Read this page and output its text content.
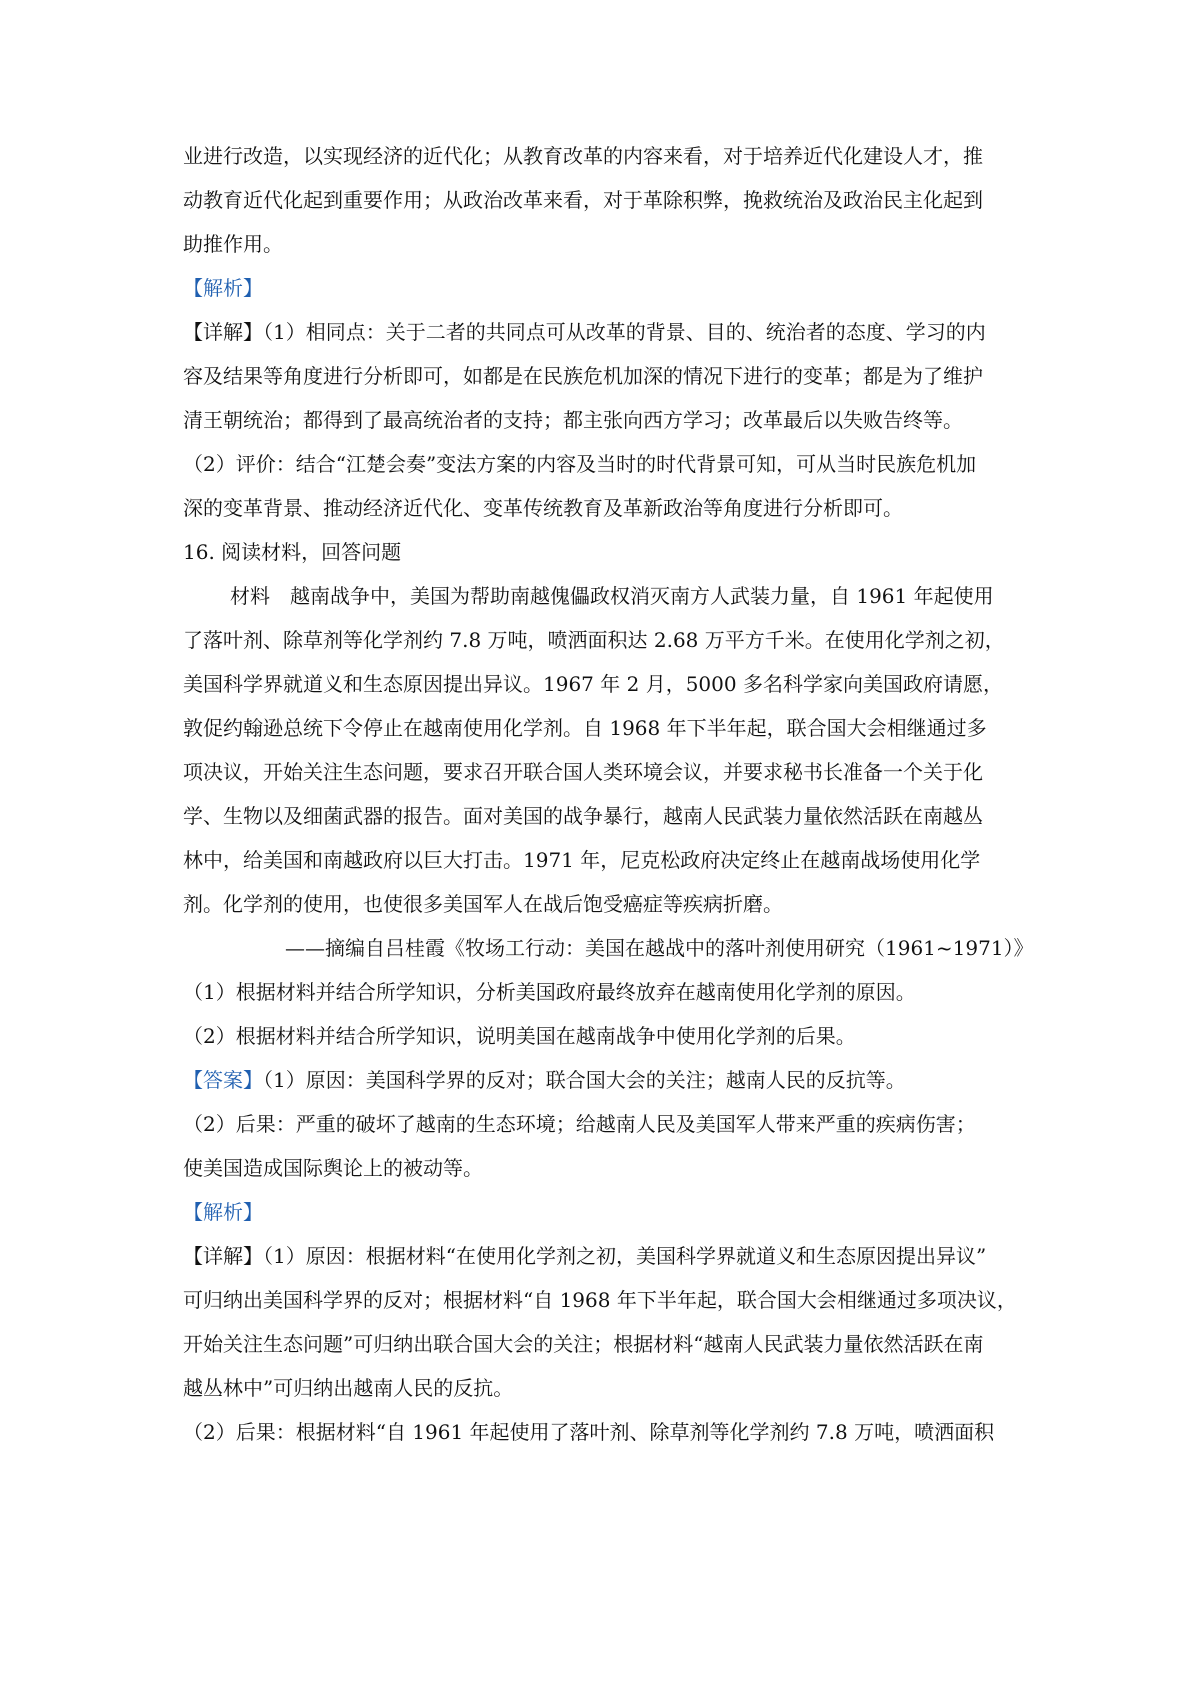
业进行改造，以实现经济的近代化；从教育改革的内容来看，对于培养近代化建设人才，推
动教育近代化起到重要作用；从政治改革来看，对于革除积弊，挽救统治及政治民主化起到
助推作用。
【解析】
【详解】（1）相同点：关于二者的共同点可从改革的背景、目的、统治者的态度、学习的内
容及结果等角度进行分析即可，如都是在民族危机加深的情况下进行的变革；都是为了维护
清王朝统治；都得到了最高统治者的支持；都主张向西方学习；改革最后以失败告终等。
（2）评价：结合“江楚会奏”变法方案的内容及当时的时代背景可知，可从当时民族危机加
深的变革背景、推动经济近代化、变革传统教育及革新政治等角度进行分析即可。
16. 阅读材料，回答问题
材料　越南战争中，美国为帮助南越傀儡政权消灭南方人武装力量，自 1961 年起使用
了落叶剂、除草剂等化学剂约 7.8 万吨，喷洒面积达 2.68 万平方千米。在使用化学剂之初，
美国科学界就道义和生态原因提出异议。1967 年 2 月，5000 多名科学家向美国政府请愿，
敦促约翰逊总统下令停止在越南使用化学剂。自 1968 年下半年起，联合国大会相继通过多
项决议，开始关注生态问题，要求召开联合国人类环境会议，并要求秘书长准备一个关于化
学、生物以及细菌武器的报告。面对美国的战争暴行，越南人民武装力量依然活跃在南越丛
林中，给美国和南越政府以巨大打击。1971 年，尼克松政府决定终止在越南战场使用化学
剂。化学剂的使用，也使很多美国军人在战后饱受癌症等疾病折磨。
——摘编自吕桂霞《牧场工行动：美国在越战中的落叶剂使用研究（1961~1971）》
（1）根据材料并结合所学知识，分析美国政府最终放弃在越南使用化学剂的原因。
（2）根据材料并结合所学知识，说明美国在越南战争中使用化学剂的后果。
【答案】（1）原因：美国科学界的反对；联合国大会的关注；越南人民的反抗等。
（2）后果：严重的破坏了越南的生态环境；给越南人民及美国军人带来严重的疾病伤害；
使美国造成国际舆论上的被动等。
【解析】
【详解】（1）原因：根据材料“在使用化学剂之初，美国科学界就道义和生态原因提出异议”
可归纳出美国科学界的反对；根据材料“自 1968 年下半年起，联合国大会相继通过多项决议，
开始关注生态问题”可归纳出联合国大会的关注；根据材料“越南人民武装力量依然活跃在南
越丛林中”可归纳出越南人民的反抗。
（2）后果：根据材料“自 1961 年起使用了落叶剂、除草剂等化学剂约 7.8 万吨，喷洒面积
